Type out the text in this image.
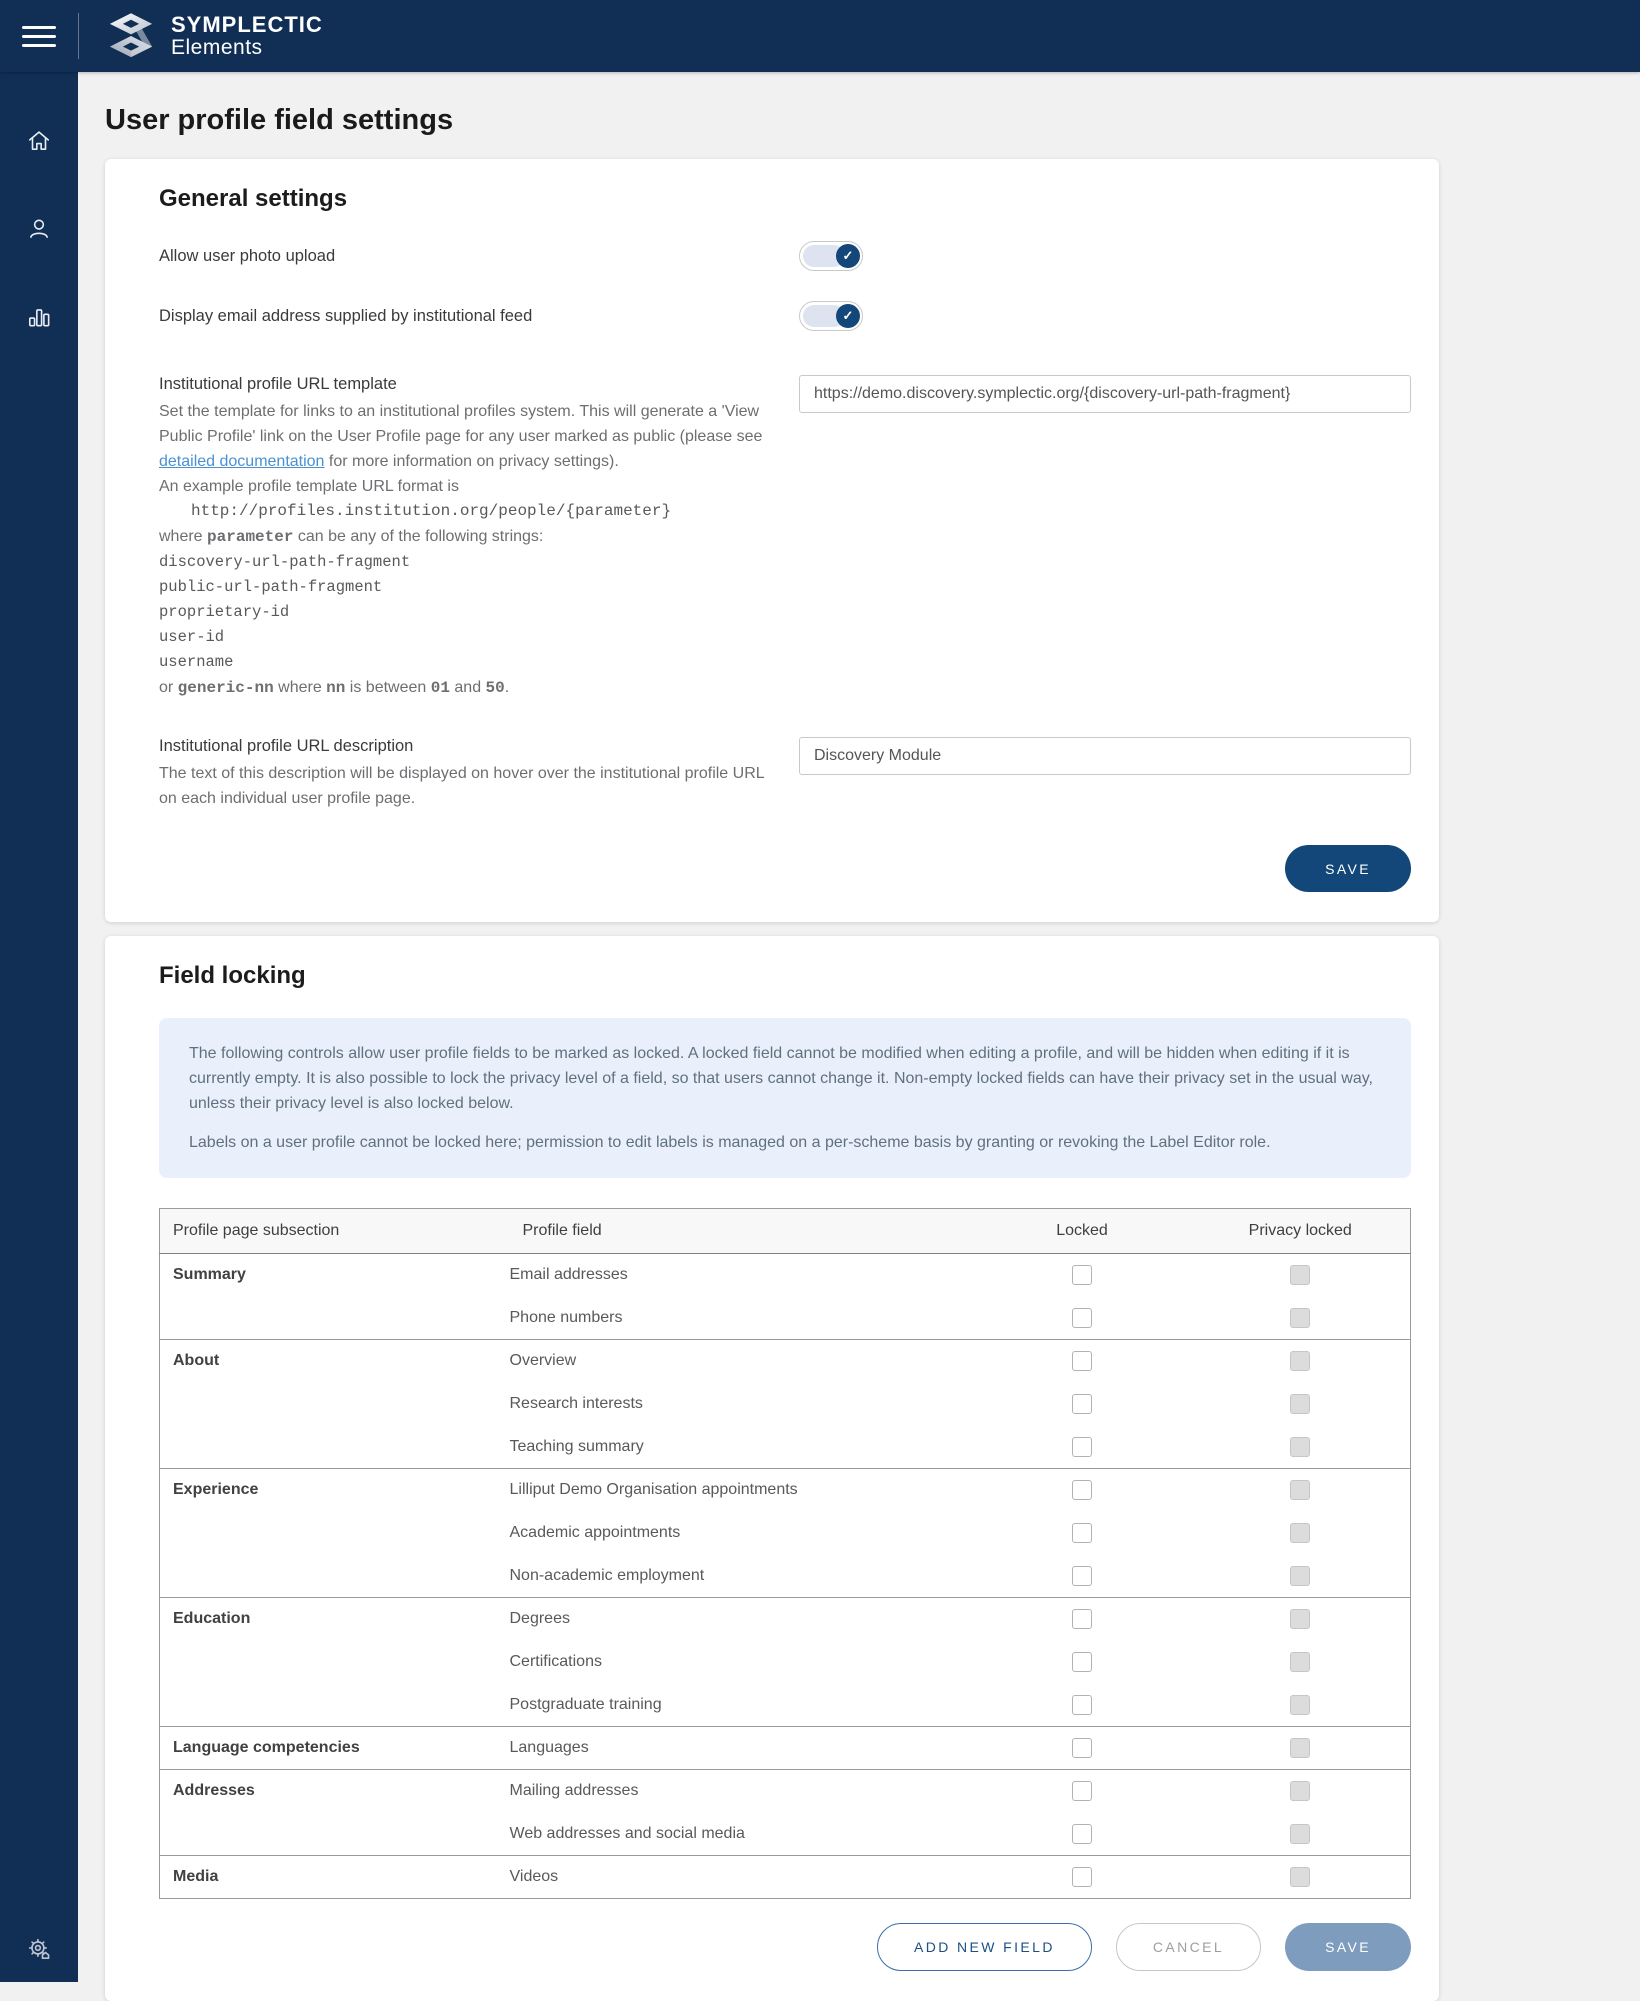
SYMPLECTIC
Elements
User profile field settings
General settings
Allow user photo upload	✓
Display email address supplied by institutional feed	✓
Institutional profile URL template
Set the template for links to an institutional profiles system. This will generate a 'View Public Profile' link on the User Profile page for any user marked as public (please see detailed documentation for more information on privacy settings).
An example profile template URL format is
http://profiles.institution.org/people/{parameter}
where parameter can be any of the following strings:
discovery-url-path-fragment
public-url-path-fragment
proprietary-id
user-id
username
or generic-nn where nn is between 01 and 50.
https://demo.discovery.symplectic.org/{discovery-url-path-fragment}
Institutional profile URL description
The text of this description will be displayed on hover over the institutional profile URL on each individual user profile page.
Discovery Module
SAVE
Field locking

The following controls allow user profile fields to be marked as locked. A locked field cannot be modified when editing a profile, and will be hidden when editing if it is currently empty. It is also possible to lock the privacy level of a field, so that users cannot change it. Non-empty locked fields can have their privacy set in the usual way, unless their privacy level is also locked below.

Labels on a user profile cannot be locked here; permission to edit labels is managed on a per-scheme basis by granting or revoking the Label Editor role.

Profile page subsection	Profile field	Locked	Privacy locked
Summary	Email addresses		
	Phone numbers		
About	Overview		
	Research interests		
	Teaching summary		
Experience	Lilliput Demo Organisation appointments		
	Academic appointments		
	Non-academic employment		
Education	Degrees		
	Certifications		
	Postgraduate training		
Language competencies	Languages		
Addresses	Mailing addresses		
	Web addresses and social media		
Media	Videos		
ADD NEW FIELD	CANCEL	SAVE
